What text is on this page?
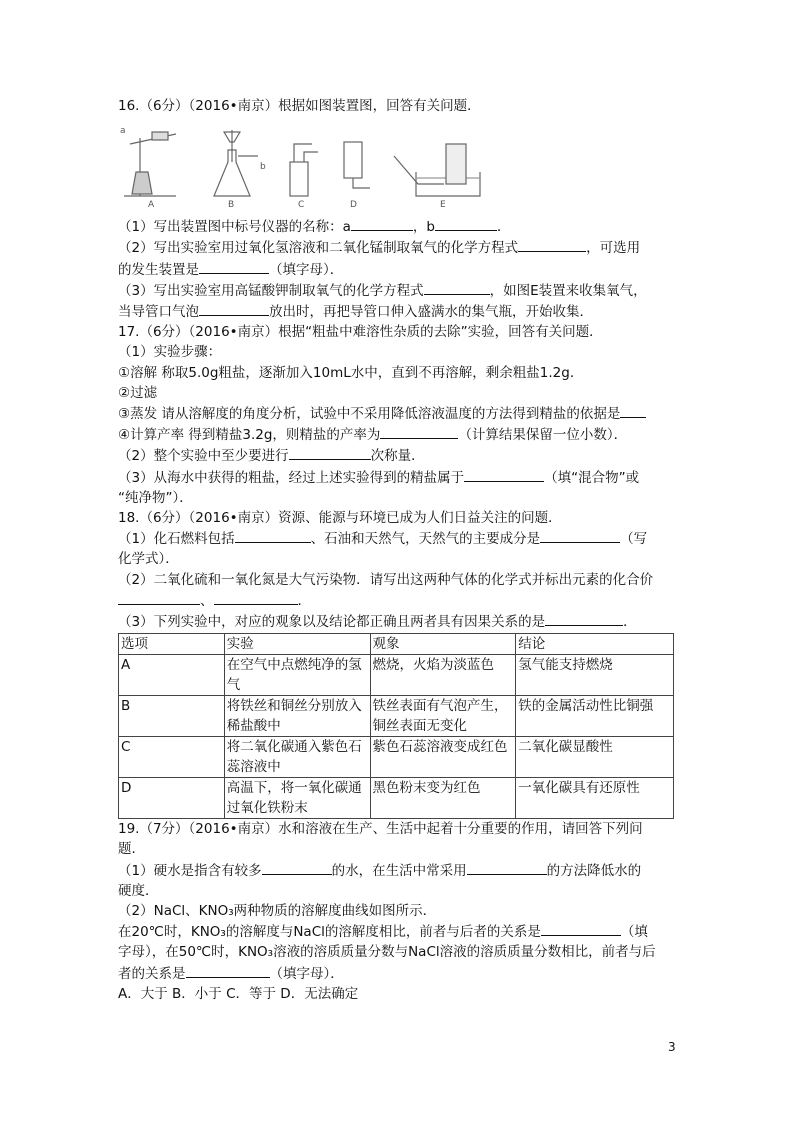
16.（6分）（2016•南京）根据如图装置图，回答有关问题．
a
A	B
b
C	D	E
（1）写出装置图中标号仪器的名称：a	，b	．
（2）写出实验室用过氧化氢溶液和二氧化锰制取氧气的化学方程式	，可选用
的发生装置是	（填字母）．
（3）写出实验室用高锰酸钾制取氧气的化学方程式	，如图E装置来收集氧气，
当导管口气泡	放出时，再把导管口伸入盛满水的集气瓶，开始收集．
17.（6分）（2016•南京）根据“粗盐中难溶性杂质的去除”实验，回答有关问题．
（1）实验步骤：
①溶解 称取5.0g粗盐，逐渐加入10mL水中，直到不再溶解，剩余粗盐1.2g．
②过滤
③蒸发 请从溶解度的角度分析，试验中不采用降低溶液温度的方法得到精盐的依据是
④计算产率 得到精盐3.2g，则精盐的产率为	（计算结果保留一位小数）．
（2）整个实验中至少要进行	次称量．
（3）从海水中获得的粗盐，经过上述实验得到的精盐属于	（填“混合物”或
“纯净物”）．
18.（6分）（2016•南京）资源、能源与环境已成为人们日益关注的问题．
（1）化石燃料包括	、石油和天然气，天然气的主要成分是	（写
化学式）．
（2）二氧化硫和一氧化氮是大气污染物．请写出这两种气体的化学式并标出元素的化合价
、	．
（3）下列实验中，对应的观象以及结论都正确且两者具有因果关系的是	．
选项	实验	观象	结论
A	在空气中点燃纯净的氢气	燃烧，火焰为淡蓝色	氢气能支持燃烧
B	将铁丝和铜丝分别放入稀盐酸中	铁丝表面有气泡产生，铜丝表面无变化	铁的金属活动性比铜强
C	将二氧化碳通入紫色石蕊溶液中	紫色石蕊溶液变成红色	二氧化碳显酸性
D	高温下，将一氧化碳通过氧化铁粉末	黑色粉末变为红色	一氧化碳具有还原性
19.（7分）（2016•南京）水和溶液在生产、生活中起着十分重要的作用，请回答下列问
题．
（1）硬水是指含有较多	的水，在生活中常采用	的方法降低水的
硬度．
（2）NaCl、KNO₃两种物质的溶解度曲线如图所示．
在20℃时，KNO₃的溶解度与NaCl的溶解度相比，前者与后者的关系是	（填
字母），在50℃时，KNO₃溶液的溶质质量分数与NaCl溶液的溶质质量分数相比，前者与后
者的关系是	（填字母）．
A．大于 B．小于 C．等于 D．无法确定
3
